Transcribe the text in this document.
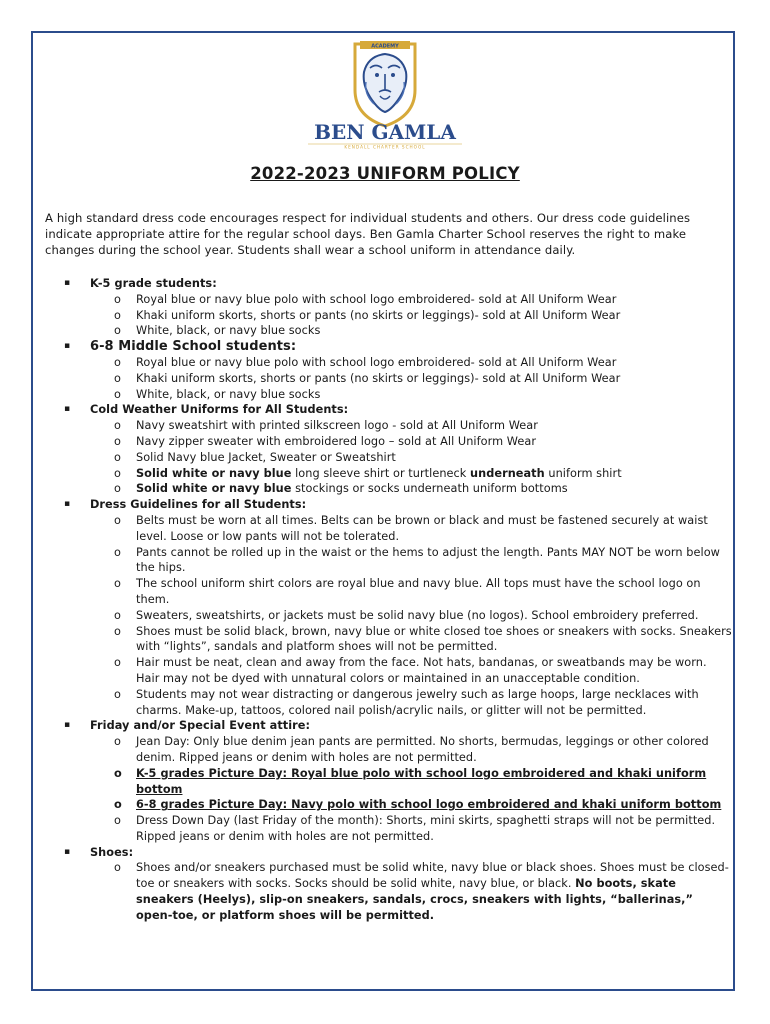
ACADEMY
BEN GAMLA
KENDALL CHARTER SCHOOL
2022-2023 UNIFORM POLICY
A high standard dress code encourages respect for individual students and others. Our dress code guidelines indicate appropriate attire for the regular school days. Ben Gamla Charter School reserves the right to make changes during the school year. Students shall wear a school uniform in attendance daily.
▪ K-5 grade students:
o Royal blue or navy blue polo with school logo embroidered- sold at All Uniform Wear
o Khaki uniform skorts, shorts or pants (no skirts or leggings)- sold at All Uniform Wear
o White, black, or navy blue socks
▪ 6-8 Middle School students:
o Royal blue or navy blue polo with school logo embroidered- sold at All Uniform Wear
o Khaki uniform skorts, shorts or pants (no skirts or leggings)- sold at All Uniform Wear
o White, black, or navy blue socks
▪ Cold Weather Uniforms for All Students:
o Navy sweatshirt with printed silkscreen logo - sold at All Uniform Wear
o Navy zipper sweater with embroidered logo – sold at All Uniform Wear
o Solid Navy blue Jacket, Sweater or Sweatshirt
o Solid white or navy blue long sleeve shirt or turtleneck underneath uniform shirt
o Solid white or navy blue stockings or socks underneath uniform bottoms
▪ Dress Guidelines for all Students:
o Belts must be worn at all times. Belts can be brown or black and must be fastened securely at waist level. Loose or low pants will not be tolerated.
o Pants cannot be rolled up in the waist or the hems to adjust the length. Pants MAY NOT be worn below the hips.
o The school uniform shirt colors are royal blue and navy blue. All tops must have the school logo on them.
o Sweaters, sweatshirts, or jackets must be solid navy blue (no logos). School embroidery preferred.
o Shoes must be solid black, brown, navy blue or white closed toe shoes or sneakers with socks. Sneakers with “lights”, sandals and platform shoes will not be permitted.
o Hair must be neat, clean and away from the face. Not hats, bandanas, or sweatbands may be worn. Hair may not be dyed with unnatural colors or maintained in an unacceptable condition.
o Students may not wear distracting or dangerous jewelry such as large hoops, large necklaces with charms. Make-up, tattoos, colored nail polish/acrylic nails, or glitter will not be permitted.
▪ Friday and/or Special Event attire:
o Jean Day: Only blue denim jean pants are permitted. No shorts, bermudas, leggings or other colored denim. Ripped jeans or denim with holes are not permitted.
o K-5 grades Picture Day: Royal blue polo with school logo embroidered and khaki uniform bottom
o 6-8 grades Picture Day: Navy polo with school logo embroidered and khaki uniform bottom
o Dress Down Day (last Friday of the month): Shorts, mini skirts, spaghetti straps will not be permitted. Ripped jeans or denim with holes are not permitted.
▪ Shoes:
o Shoes and/or sneakers purchased must be solid white, navy blue or black shoes. Shoes must be closed-toe or sneakers with socks. Socks should be solid white, navy blue, or black. No boots, skate sneakers (Heelys), slip-on sneakers, sandals, crocs, sneakers with lights, “ballerinas,” open-toe, or platform shoes will be permitted.
